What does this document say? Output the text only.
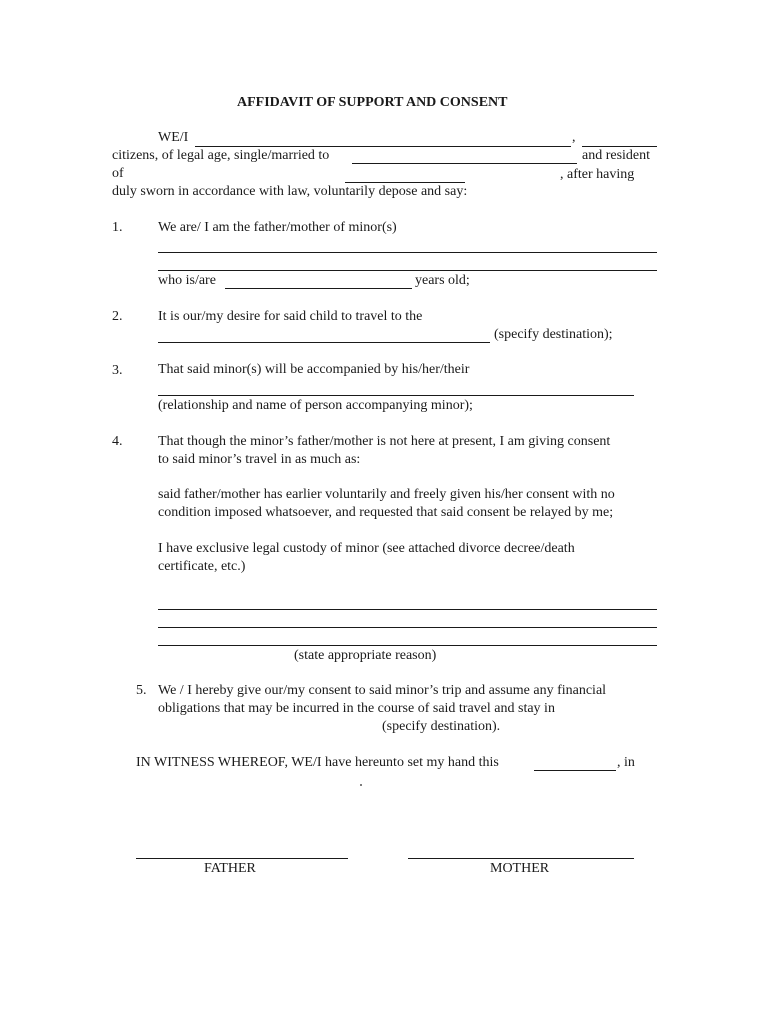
AFFIDAVIT OF SUPPORT AND CONSENT
WE/I	,
citizens, of legal age, single/married to	and resident
of	, after having
duly sworn in accordance with law, voluntarily depose and say:
1.	We are/ I am the father/mother of minor(s)
who is/are	years old;
2.	It is our/my desire for said child to travel to the
(specify destination);
3.	That said minor(s) will be accompanied by his/her/their
(relationship and name of person accompanying minor);
4.	That though the minor’s father/mother is not here at present, I am giving consent
to said minor’s travel in as much as:
said father/mother has earlier voluntarily and freely given his/her consent with no
condition imposed whatsoever, and requested that said consent be relayed by me;
I have exclusive legal custody of minor (see attached divorce decree/death
certificate, etc.)
(state appropriate reason)
5. We / I hereby give our/my consent to said minor’s trip and assume any financial
obligations that may be incurred in the course of said travel and stay in
(specify destination).
IN WITNESS WHEREOF, WE/I have hereunto set my hand this	, in
FATHER	MOTHER
